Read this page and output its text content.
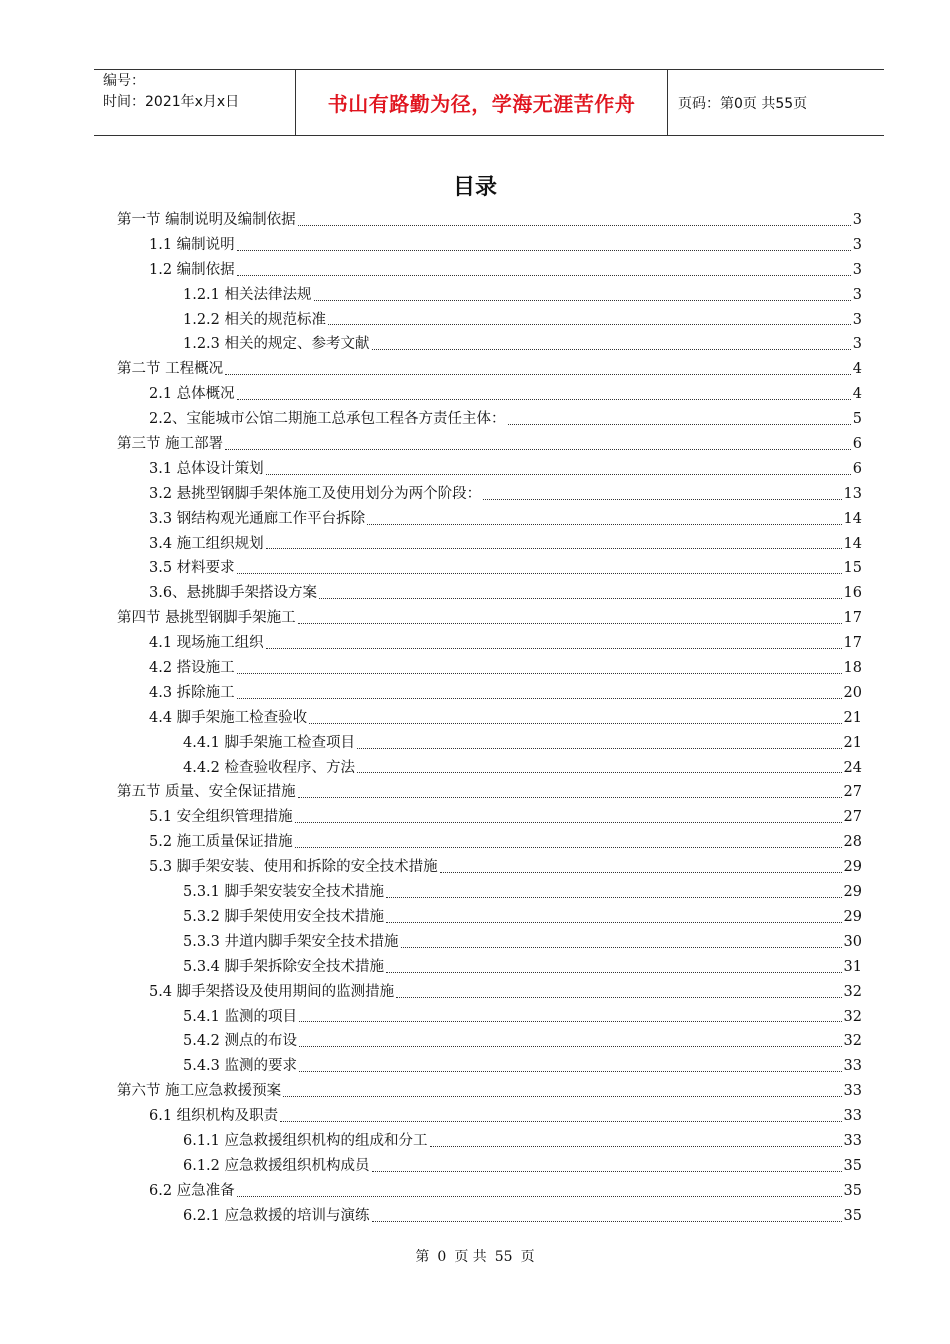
编号：
时间：2021年x月x日	书山有路勤为径，学海无涯苦作舟	页码：第0页 共55页
目录
第一节 编制说明及编制依据	3
1.1 编制说明	3
1.2 编制依据	3
1.2.1 相关法律法规	3
1.2.2 相关的规范标准	3
1.2.3 相关的规定、参考文献	3
第二节 工程概况	4
2.1 总体概况	4
2.2、宝能城市公馆二期施工总承包工程各方责任主体：	5
第三节 施工部署	6
3.1 总体设计策划	6
3.2 悬挑型钢脚手架体施工及使用划分为两个阶段：	13
3.3 钢结构观光通廊工作平台拆除	14
3.4 施工组织规划	14
3.5 材料要求	15
3.6、悬挑脚手架搭设方案	16
第四节 悬挑型钢脚手架施工	17
4.1 现场施工组织	17
4.2 搭设施工	18
4.3 拆除施工	20
4.4 脚手架施工检查验收	21
4.4.1 脚手架施工检查项目	21
4.4.2 检查验收程序、方法	24
第五节 质量、安全保证措施	27
5.1 安全组织管理措施	27
5.2 施工质量保证措施	28
5.3 脚手架安装、使用和拆除的安全技术措施	29
5.3.1 脚手架安装安全技术措施	29
5.3.2 脚手架使用安全技术措施	29
5.3.3 井道内脚手架安全技术措施	30
5.3.4 脚手架拆除安全技术措施	31
5.4 脚手架搭设及使用期间的监测措施	32
5.4.1 监测的项目	32
5.4.2 测点的布设	32
5.4.3 监测的要求	33
第六节 施工应急救援预案	33
6.1 组织机构及职责	33
6.1.1 应急救援组织机构的组成和分工	33
6.1.2 应急救援组织机构成员	35
6.2 应急准备	35
6.2.1 应急救援的培训与演练	35
第 0 页 共 55 页
